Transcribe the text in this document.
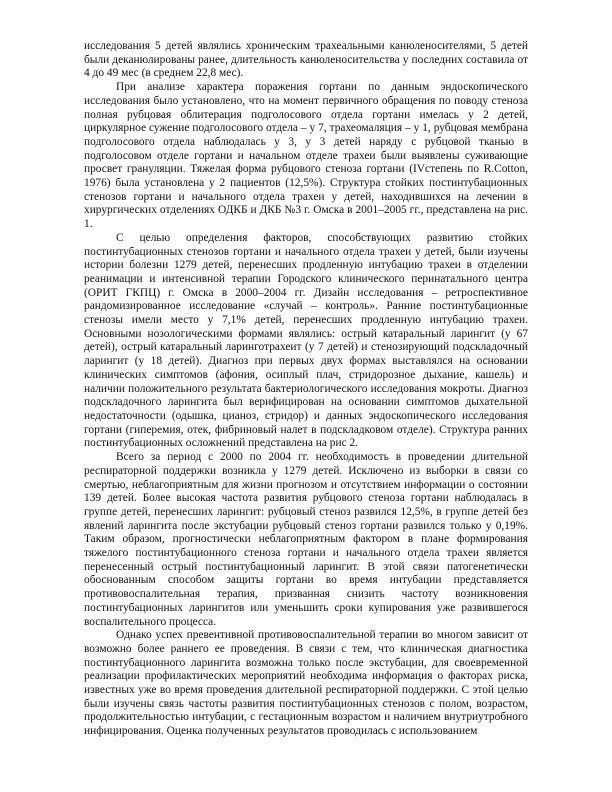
исследования 5 детей являлись хроническим трахеальными канюленосителями, 5 детей были деканюлированы ранее, длительность канюленосительства у последних составила от 4 до 49 мес (в среднем 22,8 мес).

При анализе характера поражения гортани по данным эндоскопического исследования было установлено, что на момент первичного обращения по поводу стеноза полная рубцовая облитерация подголосового отдела гортани имелась у 2 детей, циркулярное сужение подголосового отдела – у 7, трахеомаляция – у 1, рубцовая мембрана подголосового отдела наблюдалась у 3, у 3 детей наряду с рубцовой тканью в подголосовом отделе гортани и начальном отделе трахеи были выявлены суживающие просвет грануляции. Тяжелая форма рубцового стеноза гортани (IVстепень по R.Cotton, 1976) была установлена у 2 пациентов (12,5%). Структура стойких постинтубационных стенозов гортани и начального отдела трахеи у детей, находившихся на лечении в хирургических отделениях ОДКБ и ДКБ №3 г. Омска в 2001–2005 гг., представлена на рис. 1.

С целью определения факторов, способствующих развитию стойких постинтубационных стенозов гортани и начального отдела трахеи у детей, были изучены истории болезни 1279 детей, перенесших продленную интубацию трахеи в отделении реанимации и интенсивной терапии Городского клинического перинатального центра (ОРИТ ГКПЦ) г. Омска в 2000–2004 гг. Дизайн исследования – ретроспективное рандомизированное исследование «случай – контроль». Ранние постинтубационные стенозы имели место у 7,1% детей, перенесших продленную интубацию трахеи. Основными нозологическими формами являлись: острый катаральный ларингит (у 67 детей), острый катаральный ларинготрахеит (у 7 детей) и стенозирующий подскладочный ларингит (у 18 детей). Диагноз при первых двух формах выставлялся на основании клинических симптомов (афония, осиплый плач, стридорозное дыхание, кашель) и наличии положительного результата бактериологического исследования мокроты. Диагноз подскладочного ларингита был верифицирован на основании симптомов дыхательной недостаточности (одышка, цианоз, стридор) и данных эндоскопического исследования гортани (гиперемия, отек, фибриновый налет в подскладковом отделе). Структура ранних постинтубационных осложнений представлена на рис 2.

Всего за период с 2000 по 2004 гг. необходимость в проведении длительной респираторной поддержки возникла у 1279 детей. Исключено из выборки в связи со смертью, неблагоприятным для жизни прогнозом и отсутствием информации о состоянии 139 детей. Более высокая частота развития рубцового стеноза гортани наблюдалась в группе детей, перенесших ларингит: рубцовый стеноз развился 12,5%, в группе детей без явлений ларингита после экстубации рубцовый стеноз гортани развился только у 0,19%. Таким образом, прогностически неблагоприятным фактором в плане формирования тяжелого постинтубационного стеноза гортани и начального отдела трахеи является перенесенный острый постинтубационный ларингит. В этой связи патогенетически обоснованным способом защиты гортани во время интубации представляется противовоспалительная терапия, призванная снизить частоту возникновения постинтубационных ларингитов или уменьшить сроки купирования уже развившегося воспалительного процесса.

Однако успех превентивной противовоспалительной терапии во многом зависит от возможно более раннего ее проведения. В связи с тем, что клиническая диагностика постинтубационного ларингита возможна только после экстубации, для своевременной реализации профилактических мероприятий необходима информация о факторах риска, известных уже во время проведения длительной респираторной поддержки. С этой целью были изучены связь частоты развития постинтубационных стенозов с полом, возрастом, продолжительностью интубации, с гестационным возрастом и наличием внутриутробного инфицирования. Оценка полученных результатов проводилась с использованием
